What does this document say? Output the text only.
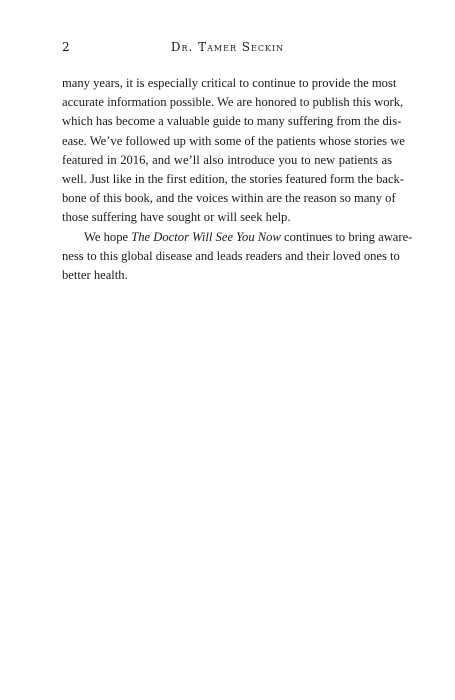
2	Dr. Tamer Seckin
many years, it is especially critical to continue to provide the most
accurate information possible. We are honored to publish this work,
which has become a valuable guide to many suffering from the dis-
ease. We’ve followed up with some of the patients whose stories we
featured in 2016, and we’ll also introduce you to new patients as
well. Just like in the first edition, the stories featured form the back-
bone of this book, and the voices within are the reason so many of
those suffering have sought or will seek help.
We hope The Doctor Will See You Now continues to bring aware-
ness to this global disease and leads readers and their loved ones to
better health.
